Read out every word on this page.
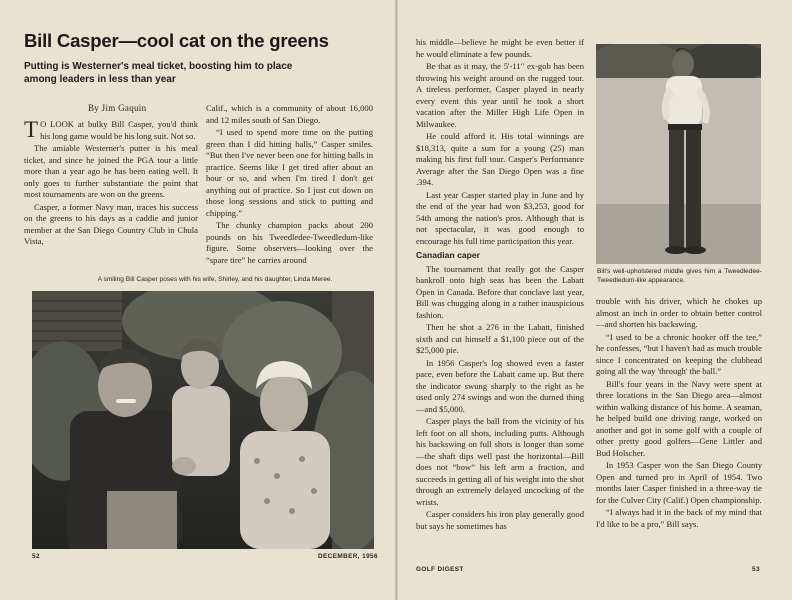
Bill Casper—cool cat on the greens
Putting is Westerner's meal ticket, boosting him to place among leaders in less than year
By Jim Gaquin

T O LOOK at bulky Bill Casper, you'd think his long game would be his long suit. Not so.

The amiable Westerner's putter is his meal ticket, and since he joined the PGA tour a little more than a year ago he has been eating well. It only goes to further substantiate the point that most tournaments are won on the greens.

Casper, a former Navy man, traces his success on the greens to his days as a caddie and junior member at the San Diego Country Club in Chula Vista,

Calif., which is a community of about 16,000 and 12 miles south of San Diego.

“I used to spend more time on the putting green than I did hitting balls,” Casper smiles. “But then I've never been one for hitting balls in practice. Seems like I get tired after about an hour or so, and when I'm tired I don't get anything out of practice. So I just cut down on those long sessions and stick to putting and chipping.”

The chunky champion packs about 200 pounds on his Tweedledee-Tweedledum-like figure. Some observers—looking over the “spare tire” he carries around

A smiling Bill Casper poses with his wife, Shirley, and his daughter, Linda Meree.
52	DECEMBER, 1956

his middle—believe he might be even better if he would eliminate a few pounds.

Be that as it may, the 5'-11" ex-gob has been throwing his weight around on the rugged tour. A tireless performer, Casper played in nearly every event this year until he took a short vacation after the Miller High Life Open in Milwaukee.

He could afford it. His total winnings are $18,313, quite a sum for a young (25) man making his first full tour. Casper's Performance Average after the San Diego Open was a fine .394.

Last year Casper started play in June and by the end of the year had won $3,253, good for 54th among the nation's pros. Although that is not spectacular, it was good enough to encourage his full time participation this year.

Canadian caper

The tournament that really got the Casper bankroll onto high seas has been the Labatt Open in Canada. Before that conclave last year, Bill was chugging along in a rather inauspicious fashion.

Then he shot a 276 in the Labatt, finished sixth and cut himself a $1,100 piece out of the $25,000 pie.

In 1956 Casper's log showed even a faster pace, even before the Labatt came up. But there the indicator swung sharply to the right as he used only 274 swings and won the durned thing—and $5,000.

Casper plays the ball from the vicinity of his left foot on all shots, including putts. Although his backswing on full shots is longer than some—the shaft dips well past the horizontal—Bill does not “bow” his left arm a fraction, and succeeds in getting all of his weight into the shot through an extremely delayed uncocking of the wrists.

Casper considers his iron play generally good but says he sometimes has

Bill's well-upholstered middle gives him a Tweedledee-Tweedledum-like appearance.

trouble with his driver, which he chokes up almost an inch in order to obtain better control—and shorten his backswing.

“I used to be a chronic hooker off the tee,” he confesses, “but I haven't had as much trouble since I concentrated on keeping the clubhead going all the way 'through' the ball.”

Bill's four years in the Navy were spent at three locations in the San Diego area—almost within walking distance of his home. A seaman, he helped build one driving range, worked on another and got in some golf with a couple of other pretty good golfers—Gene Littler and Bud Holscher.

In 1953 Casper won the San Diego County Open and turned pro in April of 1954. Two months later Casper finished in a three-way tie for the Culver City (Calif.) Open championship.

“I always had it in the back of my mind that I'd like to be a pro,” Bill says.

GOLF DIGEST	53
